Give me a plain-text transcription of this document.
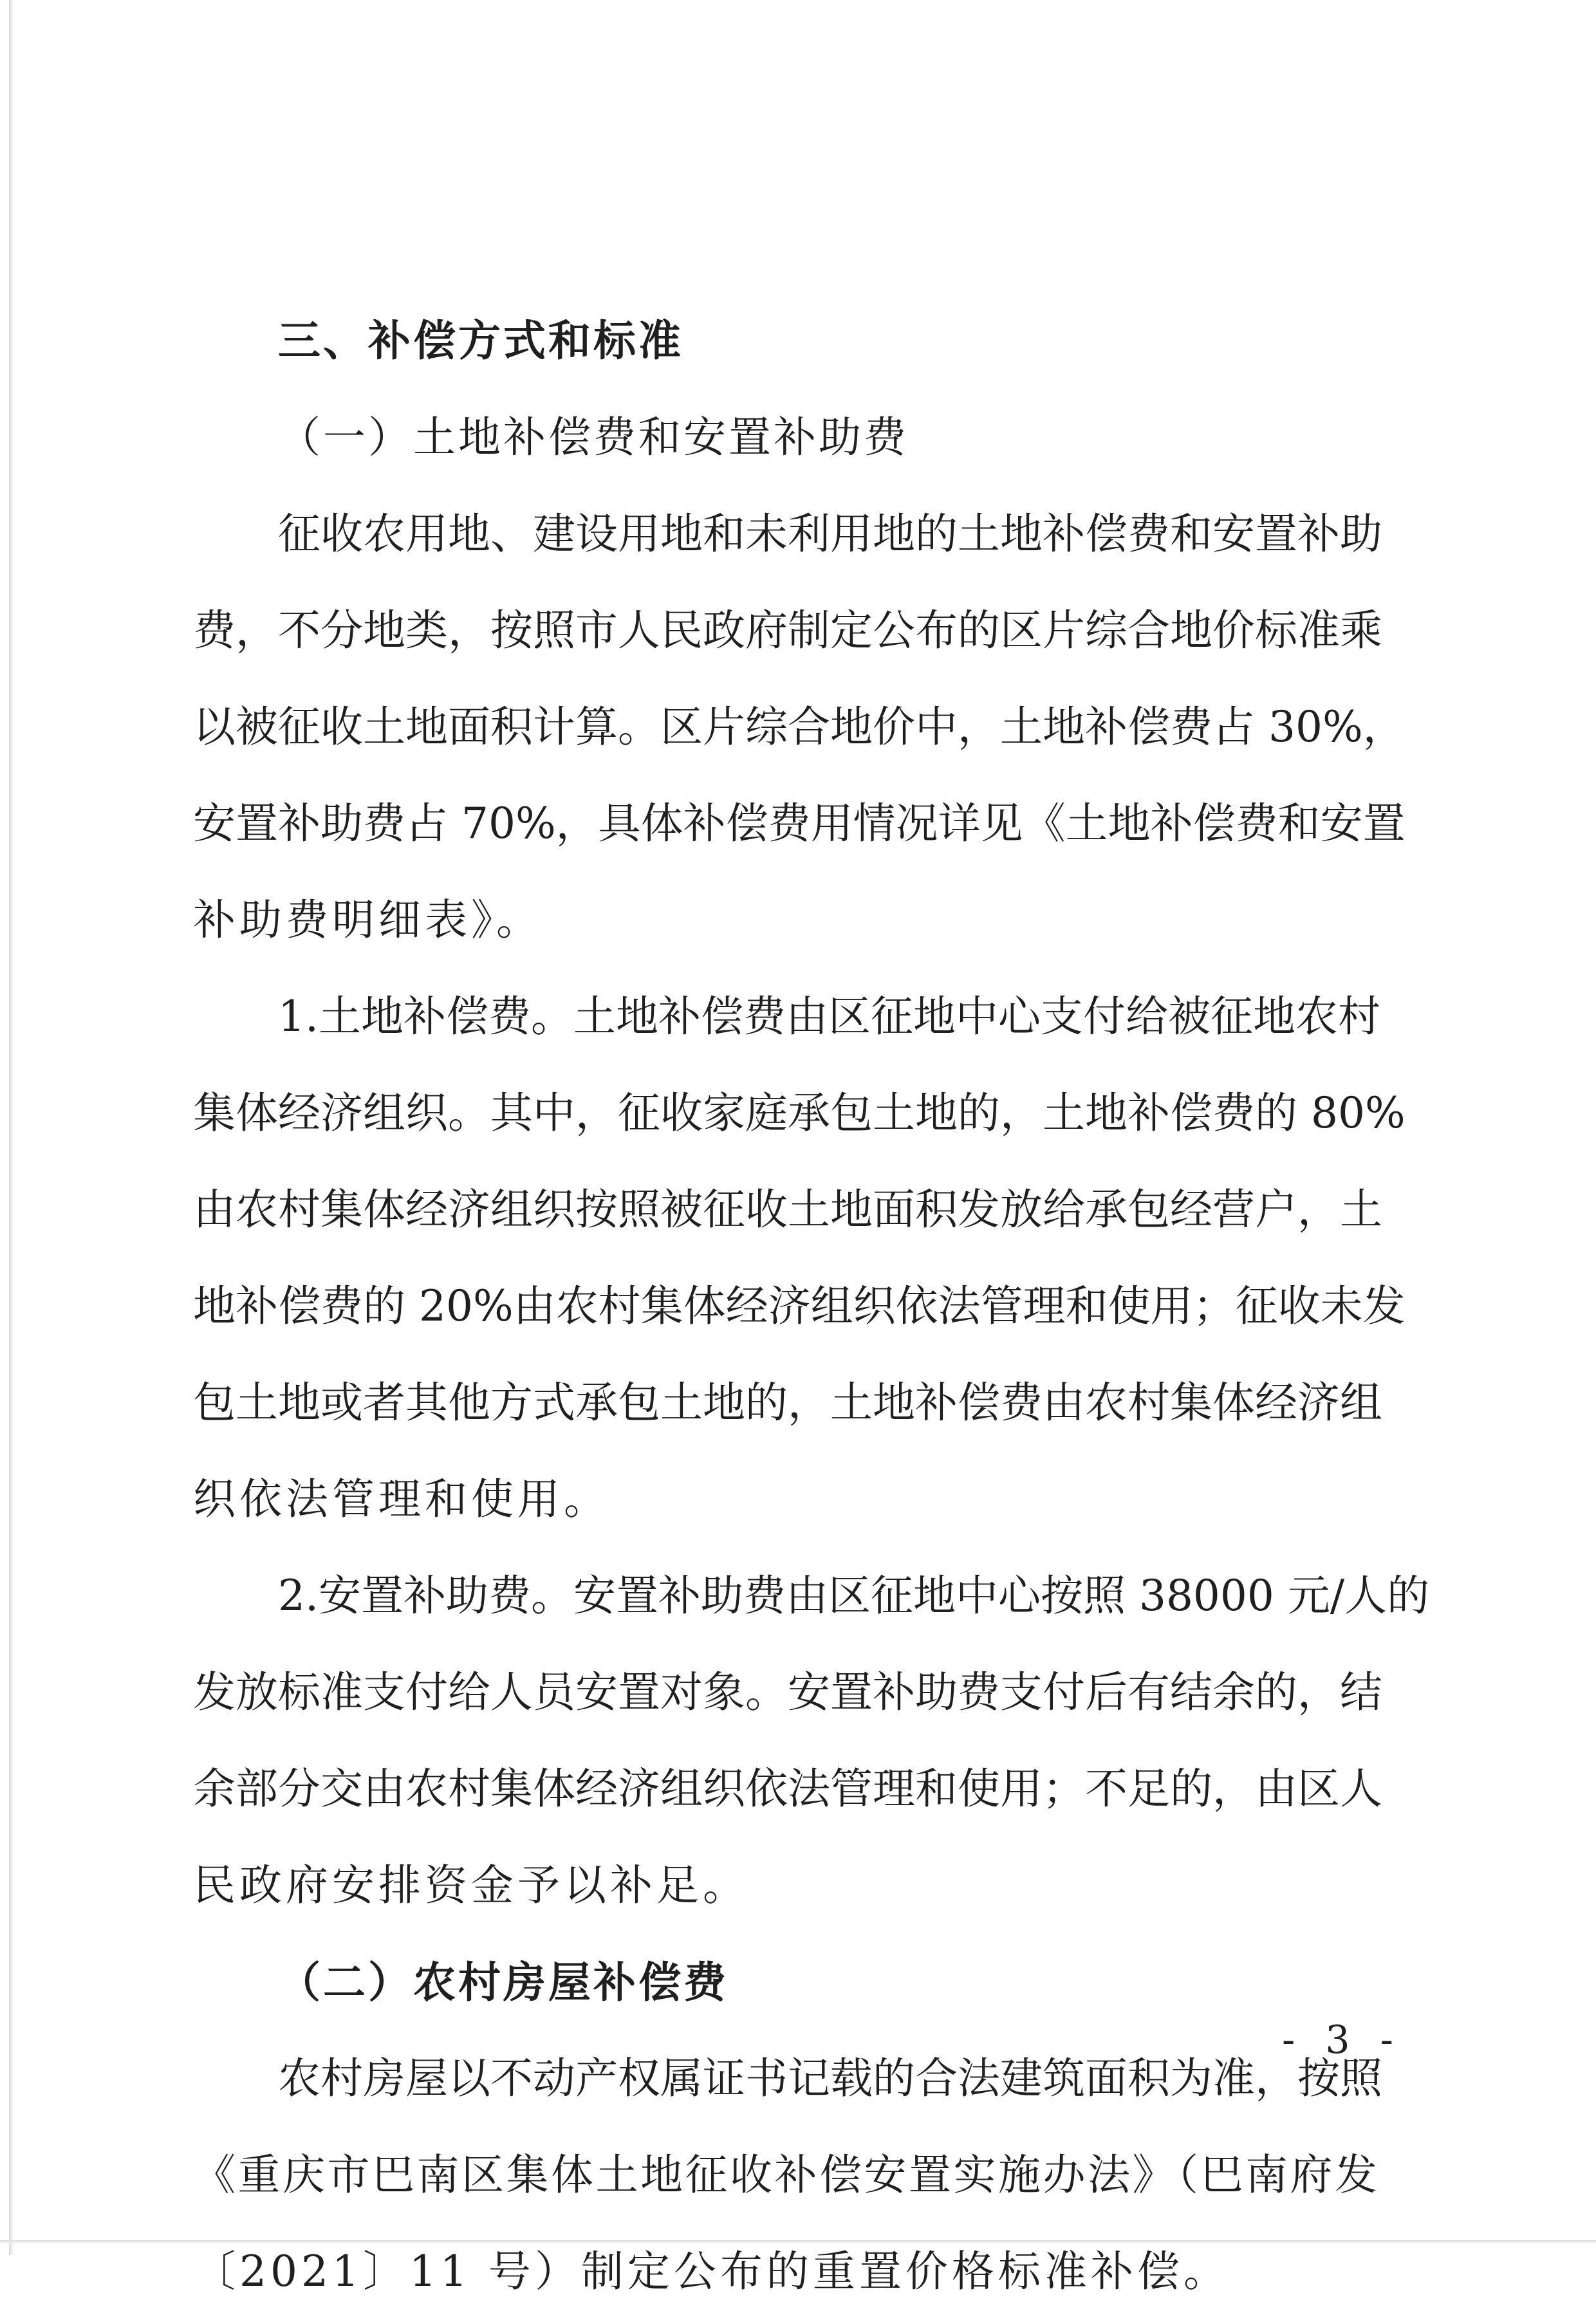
三、补偿方式和标准
（一）土地补偿费和安置补助费
征收农用地、建设用地和未利用地的土地补偿费和安置补助
费，不分地类，按照市人民政府制定公布的区片综合地价标准乘
以被征收土地面积计算。区片综合地价中，土地补偿费占 30%，
安置补助费占 70%，具体补偿费用情况详见《土地补偿费和安置
补助费明细表》。
1.土地补偿费。土地补偿费由区征地中心支付给被征地农村
集体经济组织。其中，征收家庭承包土地的，土地补偿费的 80%
由农村集体经济组织按照被征收土地面积发放给承包经营户，土
地补偿费的 20%由农村集体经济组织依法管理和使用；征收未发
包土地或者其他方式承包土地的，土地补偿费由农村集体经济组
织依法管理和使用。
2.安置补助费。安置补助费由区征地中心按照 38000 元/人的
发放标准支付给人员安置对象。安置补助费支付后有结余的，结
余部分交由农村集体经济组织依法管理和使用；不足的，由区人
民政府安排资金予以补足。
（二）农村房屋补偿费
农村房屋以不动产权属证书记载的合法建筑面积为准，按照
《重庆市巴南区集体土地征收补偿安置实施办法》（巴南府发
〔2021〕11 号）制定公布的重置价格标准补偿。
- 3 -
